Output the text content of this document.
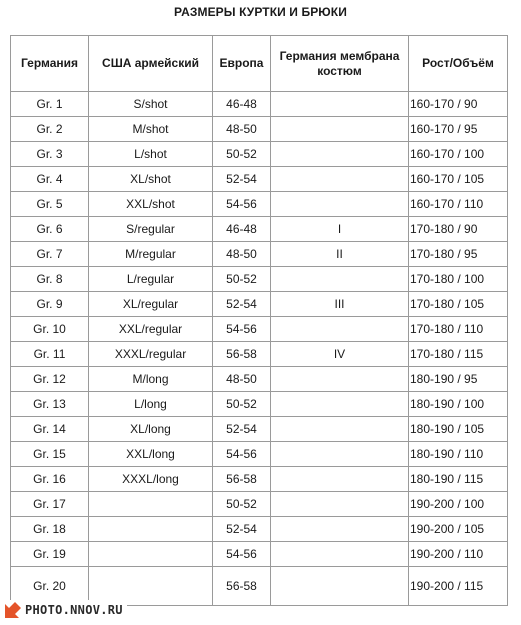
РАЗМЕРЫ КУРТКИ И БРЮКИ
Германия	США армейский	Европа	Германия мембрана костюм	Рост/Объём
Gr. 1	S/shot	46-48		160-170 / 90
Gr. 2	M/shot	48-50		160-170 / 95
Gr. 3	L/shot	50-52		160-170 / 100
Gr. 4	XL/shot	52-54		160-170 / 105
Gr. 5	XXL/shot	54-56		160-170 / 110
Gr. 6	S/regular	46-48	I	170-180 / 90
Gr. 7	M/regular	48-50	II	170-180 / 95
Gr. 8	L/regular	50-52		170-180 / 100
Gr. 9	XL/regular	52-54	III	170-180 / 105
Gr. 10	XXL/regular	54-56		170-180 / 110
Gr. 11	XXXL/regular	56-58	IV	170-180 / 115
Gr. 12	M/long	48-50		180-190 / 95
Gr. 13	L/long	50-52		180-190 / 100
Gr. 14	XL/long	52-54		180-190 / 105
Gr. 15	XXL/long	54-56		180-190 / 110
Gr. 16	XXXL/long	56-58		180-190 / 115
Gr. 17		50-52		190-200 / 100
Gr. 18		52-54		190-200 / 105
Gr. 19		54-56		190-200 / 110
Gr. 20		56-58		190-200 / 115
PHOTO.NNOV.RU
